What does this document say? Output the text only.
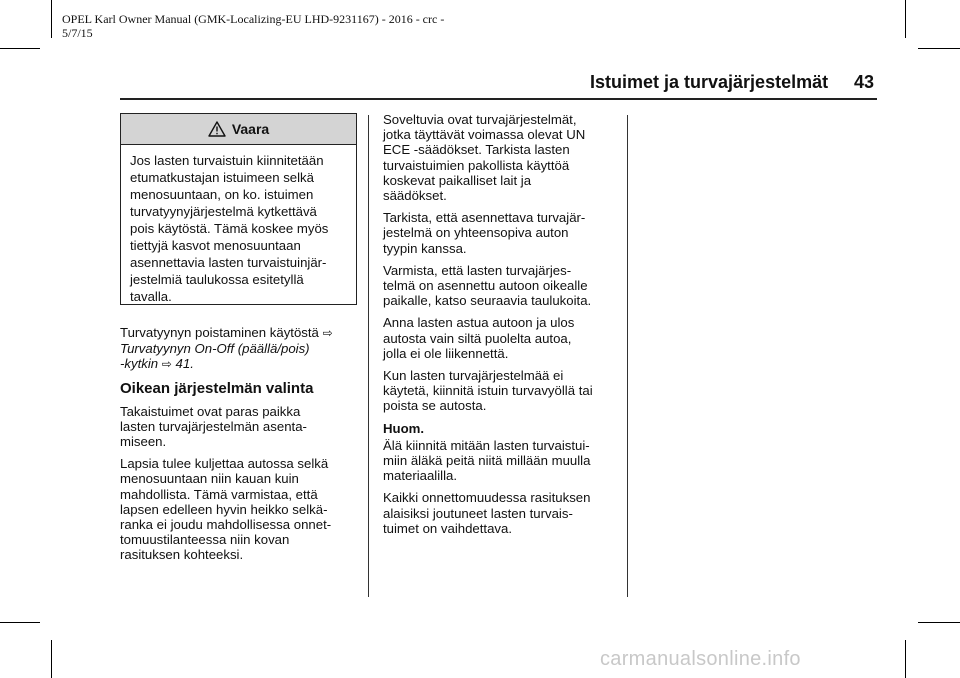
OPEL Karl Owner Manual (GMK-Localizing-EU LHD-9231167) - 2016 - crc -
5/7/15
Istuimet ja turvajärjestelmät 43
Vaara
Jos lasten turvaistuin kiinnitetään
etumatkustajan istuimeen selkä
menosuuntaan, on ko. istuimen
turvatyynyjärjestelmä kytkettävä
pois käytöstä. Tämä koskee myös
tiettyjä kasvot menosuuntaan
asennettavia lasten turvaistuinjär-
jestelmiä taulukossa esitetyllä
tavalla.

Turvatyynyn poistaminen käytöstä ⇨
Turvatyynyn On-Off (päällä/pois)
-kytkin ⇨ 41.

Oikean järjestelmän valinta

Takaistuimet ovat paras paikka
lasten turvajärjestelmän asenta-
miseen.

Lapsia tulee kuljettaa autossa selkä
menosuuntaan niin kauan kuin
mahdollista. Tämä varmistaa, että
lapsen edelleen hyvin heikko selkä-
ranka ei joudu mahdollisessa onnet-
tomuustilanteessa niin kovan
rasituksen kohteeksi.

Soveltuvia ovat turvajärjestelmät,
jotka täyttävät voimassa olevat UN
ECE -säädökset. Tarkista lasten
turvaistuimien pakollista käyttöä
koskevat paikalliset lait ja
säädökset.

Tarkista, että asennettava turvajär-
jestelmä on yhteensopiva auton
tyypin kanssa.

Varmista, että lasten turvajärjes-
telmä on asennettu autoon oikealle
paikalle, katso seuraavia taulukoita.

Anna lasten astua autoon ja ulos
autosta vain siltä puolelta autoa,
jolla ei ole liikennettä.

Kun lasten turvajärjestelmää ei
käytetä, kiinnitä istuin turvavyöllä tai
poista se autosta.

Huom.

Älä kiinnitä mitään lasten turvaistui-
miin äläkä peitä niitä millään muulla
materiaalilla.

Kaikki onnettomuudessa rasituksen
alaisiksi joutuneet lasten turvais-
tuimet on vaihdettava.

carmanualsonline.info
